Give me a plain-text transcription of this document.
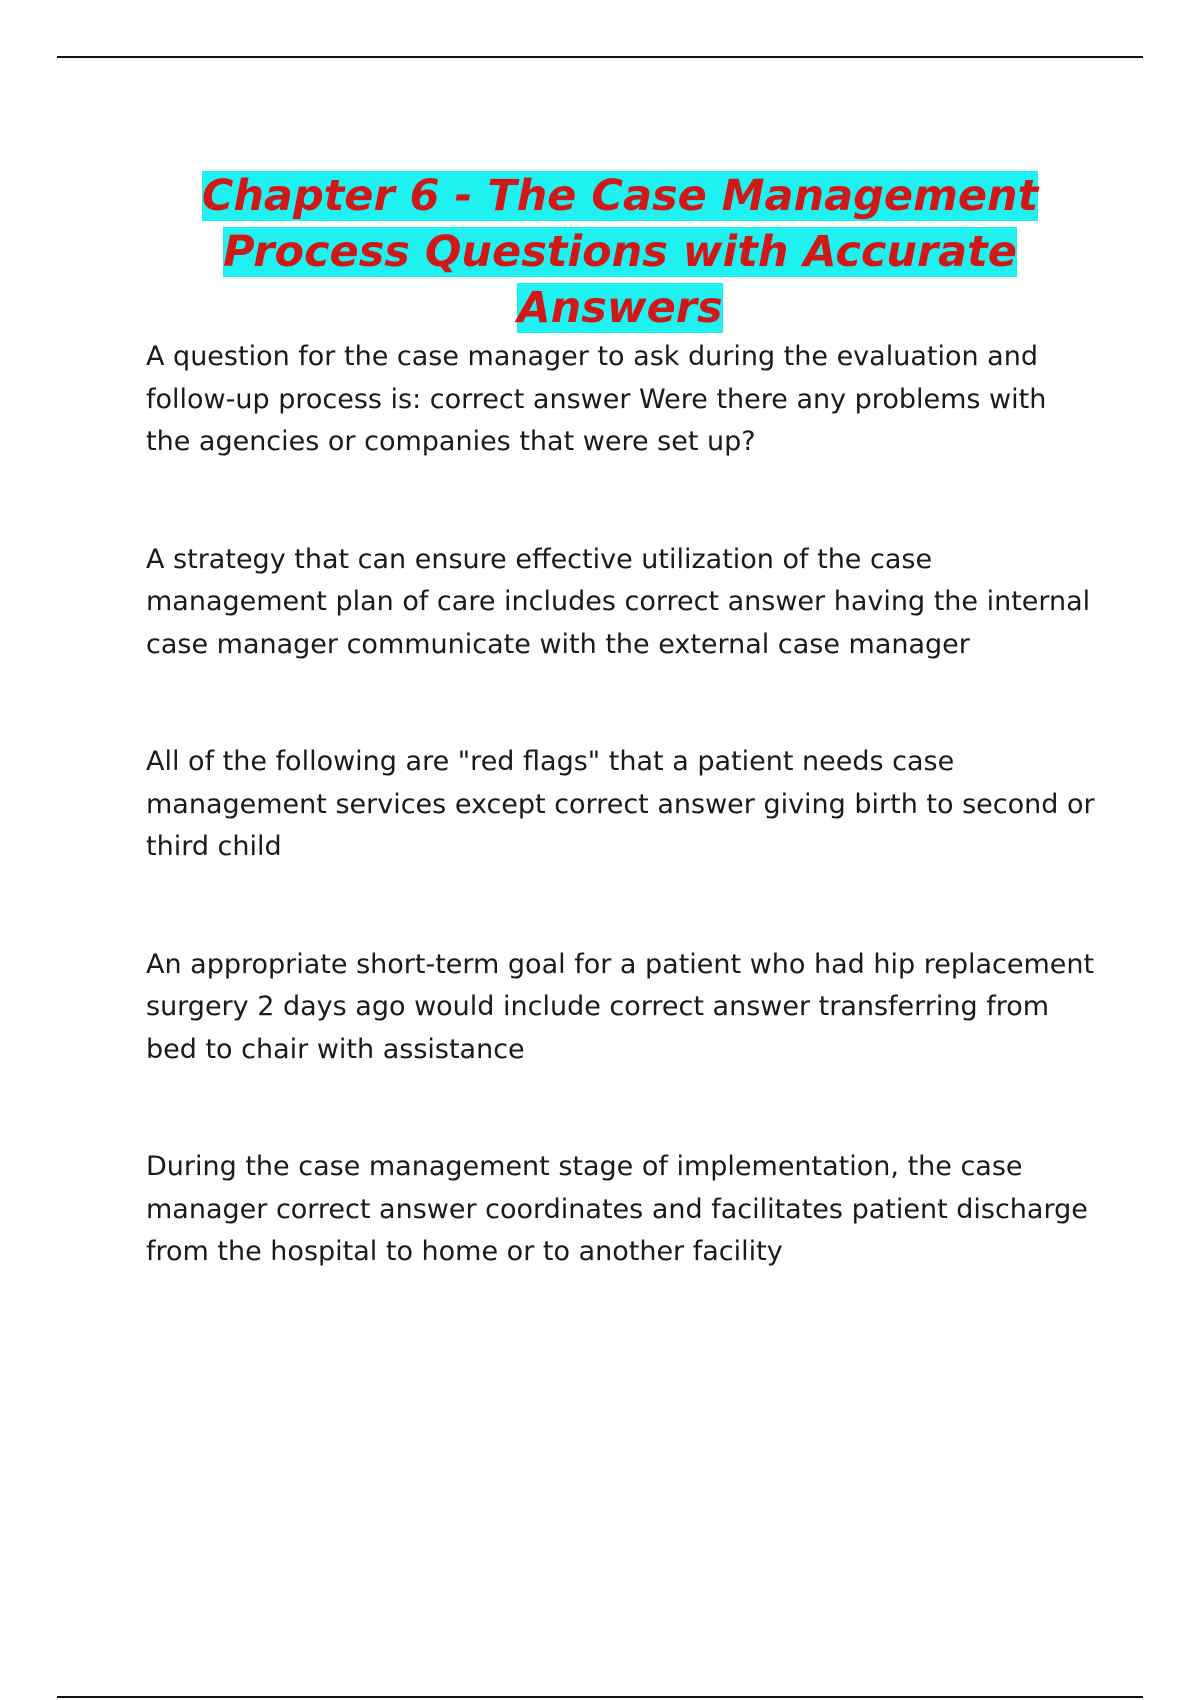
Chapter 6 - The Case Management Process Questions with Accurate Answers

A question for the case manager to ask during the evaluation and follow-up process is: correct answer Were there any problems with the agencies or companies that were set up?

A strategy that can ensure effective utilization of the case management plan of care includes correct answer having the internal case manager communicate with the external case manager

All of the following are "red flags" that a patient needs case management services except correct answer giving birth to second or third child

An appropriate short-term goal for a patient who had hip replacement surgery 2 days ago would include correct answer transferring from bed to chair with assistance

During the case management stage of implementation, the case manager correct answer coordinates and facilitates patient discharge from the hospital to home or to another facility
